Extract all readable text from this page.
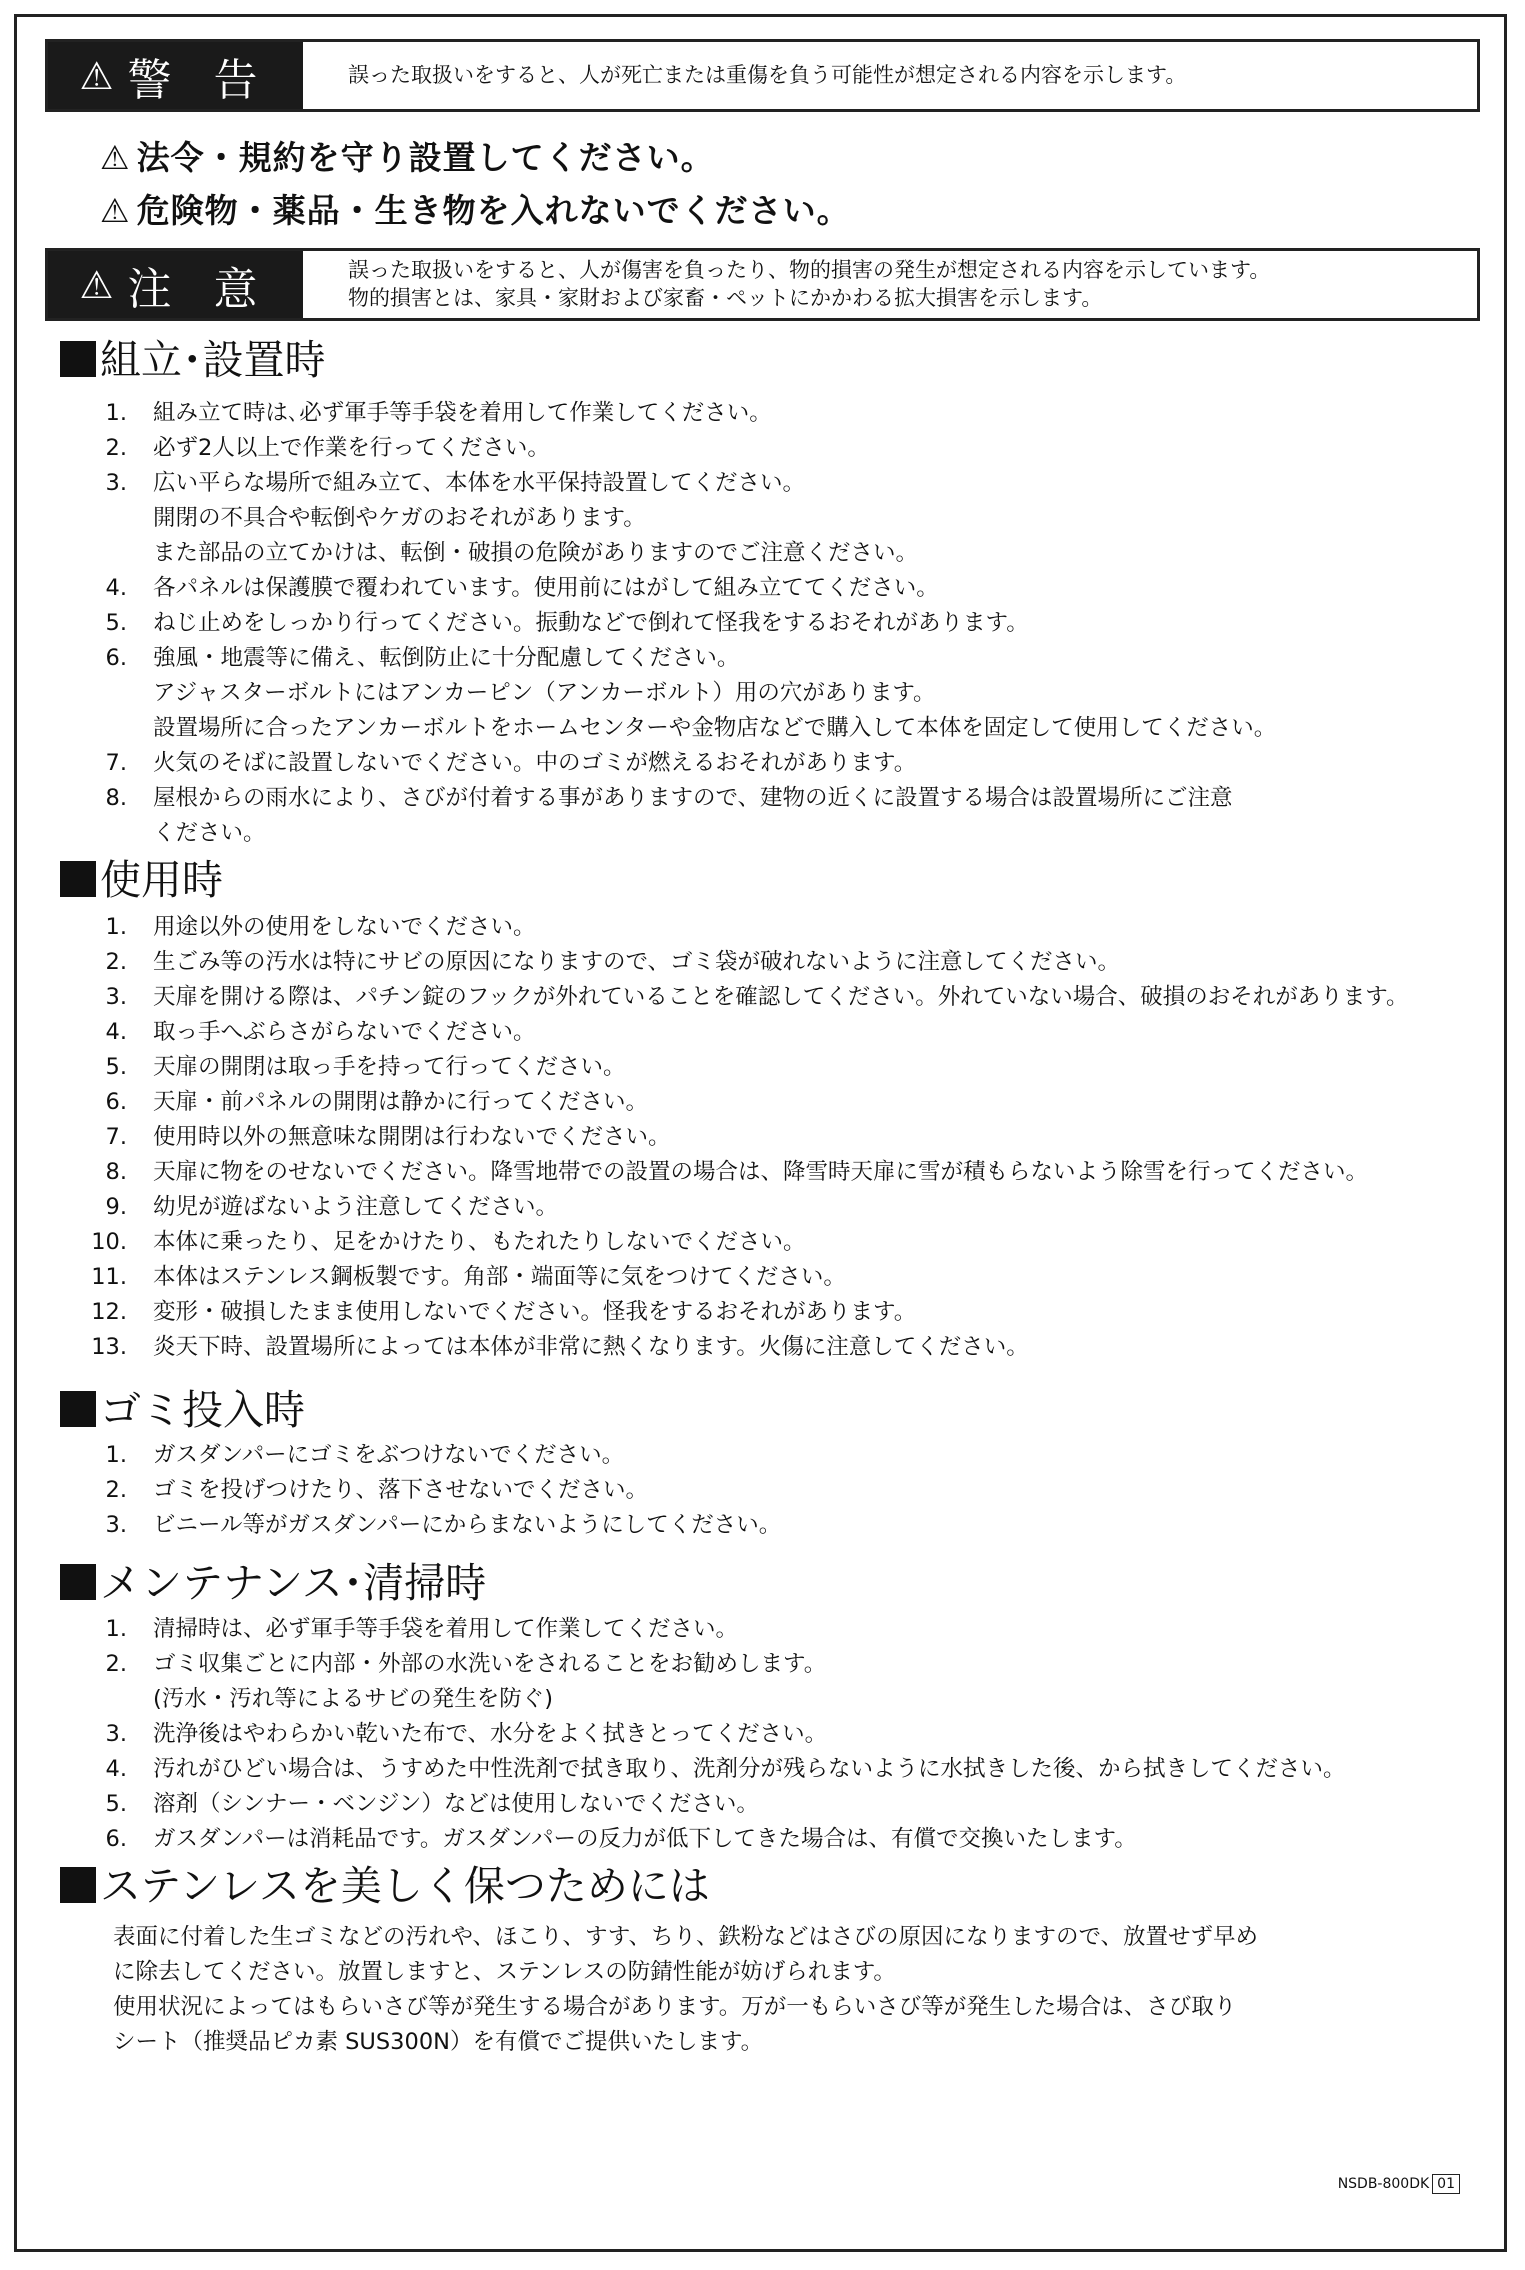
⚠ 警 告	誤った取扱いをすると、人が死亡または重傷を負う可能性が想定される内容を示します。
⚠ 法令・規約を守り設置してください。
⚠ 危険物・薬品・生き物を入れないでください。
⚠ 注 意	誤った取扱いをすると、人が傷害を負ったり、物的損害の発生が想定される内容を示しています。
物的損害とは、家具・家財および家畜・ペットにかかわる拡大損害を示します。
組立･設置時
1.	組み立て時は､必ず軍手等手袋を着用して作業してください。
2.	必ず2人以上で作業を行ってください。
3.	広い平らな場所で組み立て、本体を水平保持設置してください。
開閉の不具合や転倒やケガのおそれがあります。
また部品の立てかけは、転倒・破損の危険がありますのでご注意ください。
4.	各パネルは保護膜で覆われています。使用前にはがして組み立ててください。
5.	ねじ止めをしっかり行ってください。振動などで倒れて怪我をするおそれがあります。
6.	強風・地震等に備え、転倒防止に十分配慮してください。
アジャスターボルトにはアンカーピン（アンカーボルト）用の穴があります。
設置場所に合ったアンカーボルトをホームセンターや金物店などで購入して本体を固定して使用してください。
7.	火気のそばに設置しないでください。中のゴミが燃えるおそれがあります。
8.	屋根からの雨水により、さびが付着する事がありますので、建物の近くに設置する場合は設置場所にご注意
ください。
使用時
1.	用途以外の使用をしないでください。
2.	生ごみ等の汚水は特にサビの原因になりますので、ゴミ袋が破れないように注意してください。
3.	天扉を開ける際は、パチン錠のフックが外れていることを確認してください。外れていない場合、破損のおそれがあります。
4.	取っ手へぶらさがらないでください。
5.	天扉の開閉は取っ手を持って行ってください。
6.	天扉・前パネルの開閉は静かに行ってください。
7.	使用時以外の無意味な開閉は行わないでください。
8.	天扉に物をのせないでください。降雪地帯での設置の場合は、降雪時天扉に雪が積もらないよう除雪を行ってください。
9.	幼児が遊ばないよう注意してください。
10.	本体に乗ったり、足をかけたり、もたれたりしないでください。
11.	本体はステンレス鋼板製です。角部・端面等に気をつけてください。
12.	変形・破損したまま使用しないでください。怪我をするおそれがあります。
13.	炎天下時、設置場所によっては本体が非常に熱くなります。火傷に注意してください。
ゴミ投入時
1.	ガスダンパーにゴミをぶつけないでください。
2.	ゴミを投げつけたり、落下させないでください。
3.	ビニール等がガスダンパーにからまないようにしてください。
メンテナンス･清掃時
1.	清掃時は、必ず軍手等手袋を着用して作業してください。
2.	ゴミ収集ごとに内部・外部の水洗いをされることをお勧めします。
(汚水・汚れ等によるサビの発生を防ぐ)
3.	洗浄後はやわらかい乾いた布で、水分をよく拭きとってください。
4.	汚れがひどい場合は、うすめた中性洗剤で拭き取り、洗剤分が残らないように水拭きした後、から拭きしてください。
5.	溶剤（シンナー・ベンジン）などは使用しないでください。
6.	ガスダンパーは消耗品です。ガスダンパーの反力が低下してきた場合は、有償で交換いたします。
ステンレスを美しく保つためには
表面に付着した生ゴミなどの汚れや、ほこり、すす、ちり、鉄粉などはさびの原因になりますので、放置せず早め
に除去してください。放置しますと、ステンレスの防錆性能が妨げられます。
使用状況によってはもらいさび等が発生する場合があります。万が一もらいさび等が発生した場合は、さび取り
シート（推奨品ピカ素 SUS300N）を有償でご提供いたします。
NSDB-800DK 01
